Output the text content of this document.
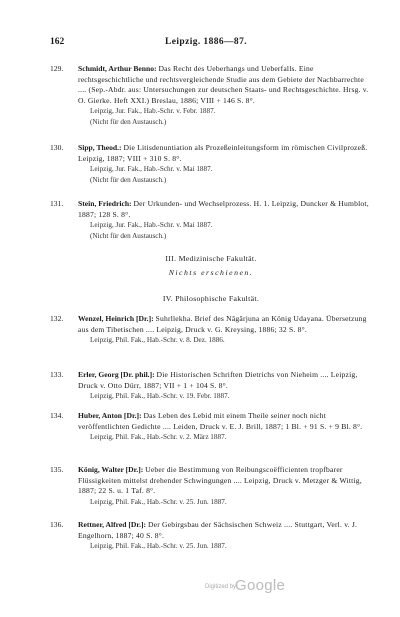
162	Leipzig. 1886—87.
129.	Schmidt, Arthur Benno: Das Recht des Ueberhangs und Ueberfalls. Eine rechtsgeschichtliche und rechtsvergleichende Studie aus dem Gebiete der Nachbarrechte .... (Sep.-Abdr. aus: Untersuchungen zur deutschen Staats- und Rechtsgeschichte. Hrsg. v. O. Gierke. Heft XXI.) Breslau, 1886; VIII + 146 S. 8°.
Leipzig, Jur. Fak., Hab.-Schr. v. Febr. 1887.
(Nicht für den Austausch.)
130.	Sipp, Theod.: Die Litisdenuntiation als Prozeßeinleitungsform im römischen Civilprozeß. Leipzig, 1887; VIII + 310 S. 8°.
Leipzig, Jur. Fak., Hab.-Schr. v. Mai 1887.
(Nicht für den Austausch.)
131.	Stein, Friedrich: Der Urkunden- und Wechselprozess. H. 1. Leipzig, Duncker & Humblot, 1887; 128 S. 8°.
Leipzig, Jur. Fak., Hab.-Schr. v. Mai 1887.
(Nicht für den Austausch.)
III. Medizinische Fakultät.
Nichts erschienen.
IV. Philosophische Fakultät.
132.	Wenzel, Heinrich [Dr.]: Suhrllekha. Brief des Nâgârjuna an König Udayana. Übersetzung aus dem Tibetischen .... Leipzig, Druck v. G. Kreysing, 1886; 32 S. 8°.
Leipzig, Phil. Fak., Hab.-Schr. v. 8. Dez. 1886.
133.	Erler, Georg [Dr. phil.]: Die Historischen Schriften Dietrichs von Nieheim .... Leipzig, Druck v. Otto Dürr, 1887; VII + 1 + 104 S. 8°.
Leipzig, Phil. Fak., Hab.-Schr. v. 19. Febr. 1887.
134.	Huber, Anton [Dr.]: Das Leben des Lebid mit einem Theile seiner noch nicht veröffentlichten Gedichte .... Leiden, Druck v. E. J. Brill, 1887; 1 Bl. + 91 S. + 9 Bl. 8°.
Leipzig, Phil. Fak., Hab.-Schr. v. 2. März 1887.
135.	König, Walter [Dr.]: Ueber die Bestimmung von Reibungscoëfficienten tropfbarer Flüssigkeiten mittelst drehender Schwingungen .... Leipzig, Druck v. Metzger & Wittig, 1887; 22 S. u. 1 Taf. 8°.
Leipzig, Phil. Fak., Hab.-Schr. v. 25. Jun. 1887.
136.	Rettner, Alfred [Dr.]: Der Gebirgsbau der Sächsischen Schweiz .... Stuttgart, Verl. v. J. Engelhorn, 1887; 40 S. 8°.
Leipzig, Phil. Fak., Hab.-Schr. v. 25. Jun. 1887.
Digitized by
Google
